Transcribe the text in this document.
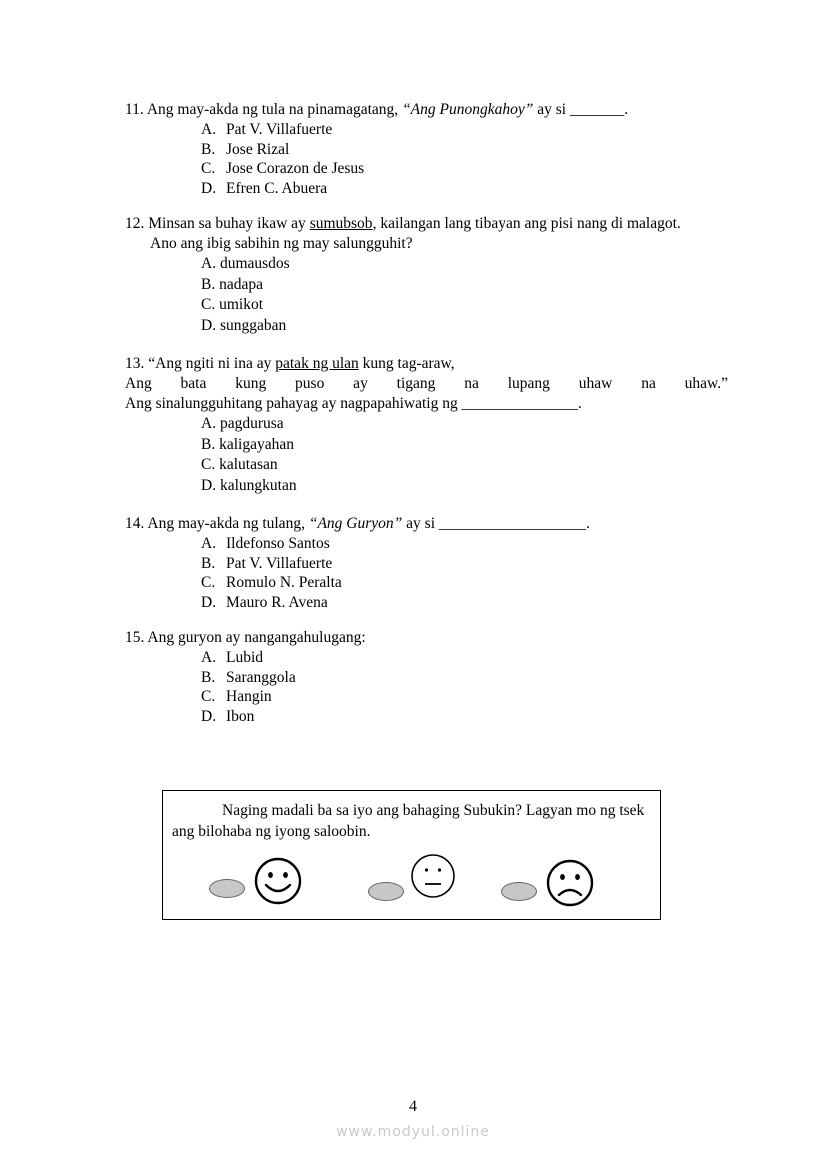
11. Ang may-akda ng tula na pinamagatang, “Ang Punongkahoy” ay si _______.

A. Pat V. Villafuerte
B. Jose Rizal
C. Jose Corazon de Jesus
D. Efren C. Abuera

12. Minsan sa buhay ikaw ay sumubsob, kailangan lang tibayan ang pisi nang di malagot.

Ano ang ibig sabihin ng may salungguhit?

A. dumausdos
B. nadapa
C. umikot
D. sunggaban

13. “Ang ngiti ni ina ay patak ng ulan kung tag-araw,

Ang bata kung puso ay tigang na lupang uhaw na uhaw.”

Ang sinalungguhitang pahayag ay nagpapahiwatig ng _______________.

A. pagdurusa
B. kaligayahan
C. kalutasan
D. kalungkutan

14. Ang may-akda ng tulang, “Ang Guryon” ay si ___________________.

A. Ildefonso Santos
B. Pat V. Villafuerte
C. Romulo N. Peralta
D. Mauro R. Avena

15. Ang guryon ay nangangahulugang:

A. Lubid
B. Saranggola
C. Hangin
D. Ibon
Naging madali ba sa iyo ang bahaging Subukin? Lagyan mo ng tsek ang bilohaba ng iyong saloobin.
4
www.modyul.online
